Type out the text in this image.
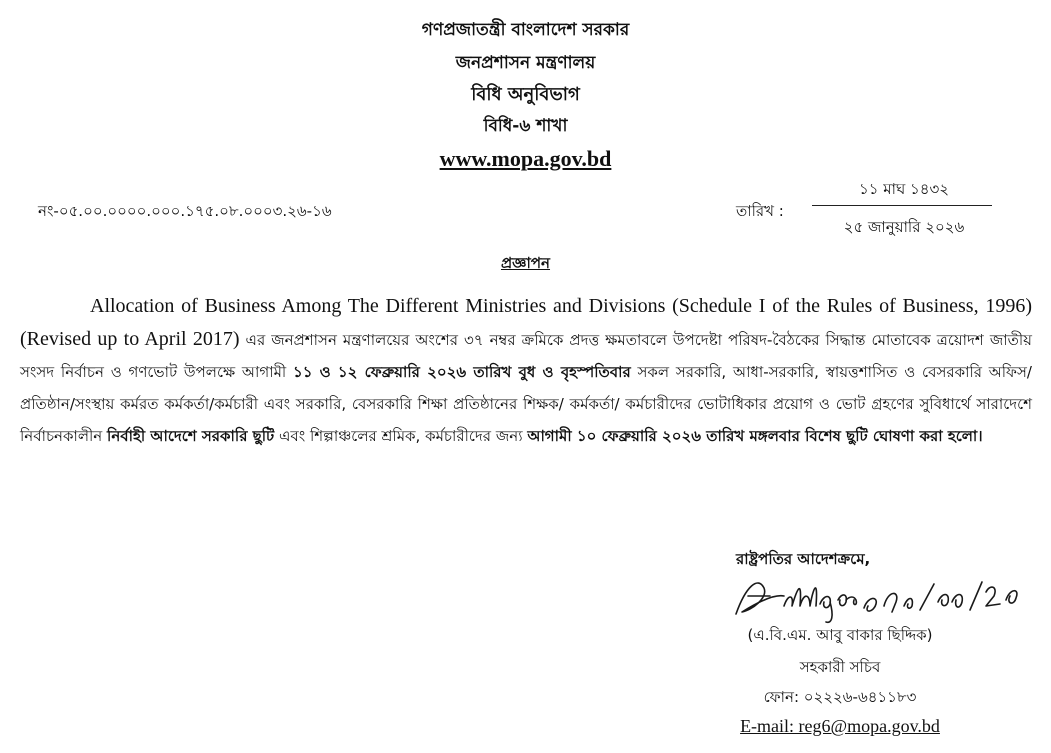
গণপ্রজাতন্ত্রী বাংলাদেশ সরকার
জনপ্রশাসন মন্ত্রণালয়
বিধি অনুবিভাগ
বিধি-৬ শাখা
www.mopa.gov.bd
নং-০৫.০০.০০০০.০০০.১৭৫.০৮.০০০৩.২৬-১৬	তারিখ :
১১ মাঘ ১৪৩২
২৫ জানুয়ারি ২০২৬
প্রজ্ঞাপন
Allocation of Business Among The Different Ministries and Divisions (Schedule I of the Rules of Business, 1996) (Revised up to April 2017) এর জনপ্রশাসন মন্ত্রণালয়ের অংশের ৩৭ নম্বর ক্রমিকে প্রদত্ত ক্ষমতাবলে উপদেষ্টা পরিষদ-বৈঠকের সিদ্ধান্ত মোতাবেক ত্রয়োদশ জাতীয় সংসদ নির্বাচন ও গণভোট উপলক্ষে আগামী ১১ ও ১২ ফেব্রুয়ারি ২০২৬ তারিখ বুধ ও বৃহস্পতিবার সকল সরকারি, আধা-সরকারি, স্বায়ত্তশাসিত ও বেসরকারি অফিস/প্রতিষ্ঠান/সংস্থায় কর্মরত কর্মকর্তা/কর্মচারী এবং সরকারি, বেসরকারি শিক্ষা প্রতিষ্ঠানের শিক্ষক/ কর্মকর্তা/ কর্মচারীদের ভোটাধিকার প্রয়োগ ও ভোট গ্রহণের সুবিধার্থে সারাদেশে নির্বাচনকালীন নির্বাহী আদেশে সরকারি ছুটি এবং শিল্পাঞ্চলের শ্রমিক, কর্মচারীদের জন্য আগামী ১০ ফেব্রুয়ারি ২০২৬ তারিখ মঙ্গলবার বিশেষ ছুটি ঘোষণা করা হলো।
রাষ্ট্রপতির আদেশক্রমে,
(এ.বি.এম. আবু বাকার ছিদ্দিক)
সহকারী সচিব
ফোন: ০২২২৬-৬৪১১৮৩
E-mail: reg6@mopa.gov.bd
